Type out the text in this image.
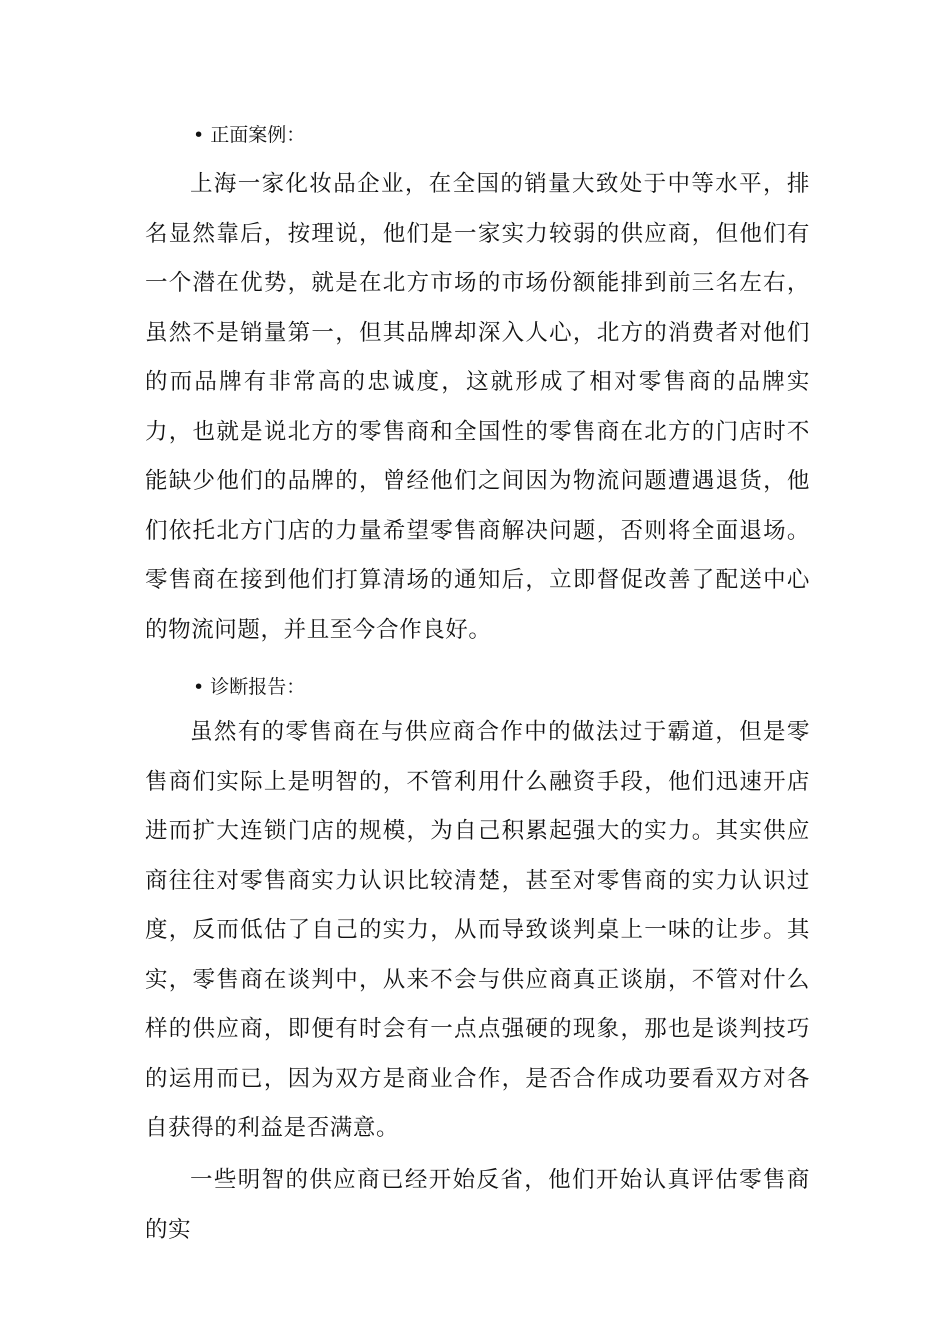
• 正面案例：

上海一家化妆品企业，在全国的销量大致处于中等水平，排名显然靠后，按理说，他们是一家实力较弱的供应商，但他们有一个潜在优势，就是在北方市场的市场份额能排到前三名左右，虽然不是销量第一，但其品牌却深入人心，北方的消费者对他们的而品牌有非常高的忠诚度，这就形成了相对零售商的品牌实力，也就是说北方的零售商和全国性的零售商在北方的门店时不能缺少他们的品牌的，曾经他们之间因为物流问题遭遇退货，他们依托北方门店的力量希望零售商解决问题，否则将全面退场。零售商在接到他们打算清场的通知后，立即督促改善了配送中心的物流问题，并且至今合作良好。

• 诊断报告：

虽然有的零售商在与供应商合作中的做法过于霸道，但是零售商们实际上是明智的，不管利用什么融资手段，他们迅速开店进而扩大连锁门店的规模，为自己积累起强大的实力。其实供应商往往对零售商实力认识比较清楚，甚至对零售商的实力认识过度，反而低估了自己的实力，从而导致谈判桌上一味的让步。其实，零售商在谈判中，从来不会与供应商真正谈崩，不管对什么样的供应商，即便有时会有一点点强硬的现象，那也是谈判技巧的运用而已，因为双方是商业合作，是否合作成功要看双方对各自获得的利益是否满意。

一些明智的供应商已经开始反省，他们开始认真评估零售商的实
